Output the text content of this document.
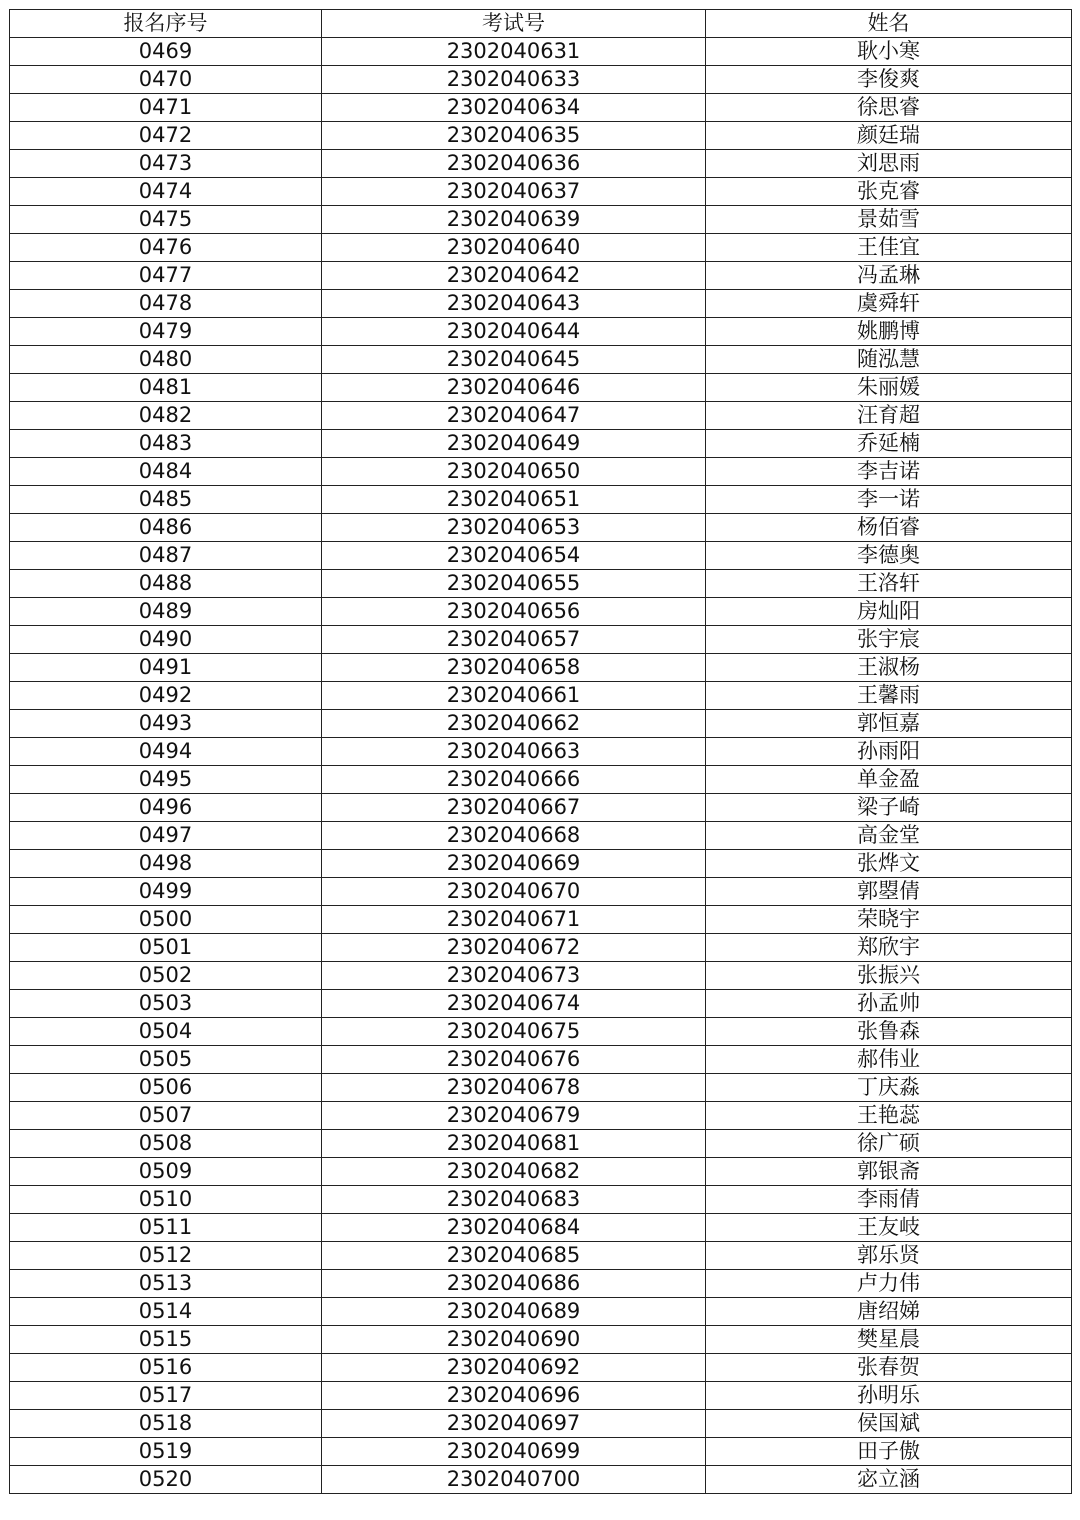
报名序号	考试号	姓名
0469	2302040631	耿小寒
0470	2302040633	李俊爽
0471	2302040634	徐思睿
0472	2302040635	颜廷瑞
0473	2302040636	刘思雨
0474	2302040637	张克睿
0475	2302040639	景茹雪
0476	2302040640	王佳宜
0477	2302040642	冯孟琳
0478	2302040643	虞舜轩
0479	2302040644	姚鹏博
0480	2302040645	随泓慧
0481	2302040646	朱丽媛
0482	2302040647	汪育超
0483	2302040649	乔延楠
0484	2302040650	李吉诺
0485	2302040651	李一诺
0486	2302040653	杨佰睿
0487	2302040654	李德奥
0488	2302040655	王洛轩
0489	2302040656	房灿阳
0490	2302040657	张宇宸
0491	2302040658	王淑杨
0492	2302040661	王馨雨
0493	2302040662	郭恒嘉
0494	2302040663	孙雨阳
0495	2302040666	单金盈
0496	2302040667	梁子崎
0497	2302040668	高金堂
0498	2302040669	张烨文
0499	2302040670	郭曌倩
0500	2302040671	荣晓宇
0501	2302040672	郑欣宇
0502	2302040673	张振兴
0503	2302040674	孙孟帅
0504	2302040675	张鲁森
0505	2302040676	郝伟业
0506	2302040678	丁庆淼
0507	2302040679	王艳蕊
0508	2302040681	徐广硕
0509	2302040682	郭银斋
0510	2302040683	李雨倩
0511	2302040684	王友岐
0512	2302040685	郭乐贤
0513	2302040686	卢力伟
0514	2302040689	唐绍娣
0515	2302040690	樊星晨
0516	2302040692	张春贺
0517	2302040696	孙明乐
0518	2302040697	侯国斌
0519	2302040699	田子傲
0520	2302040700	宓立涵
